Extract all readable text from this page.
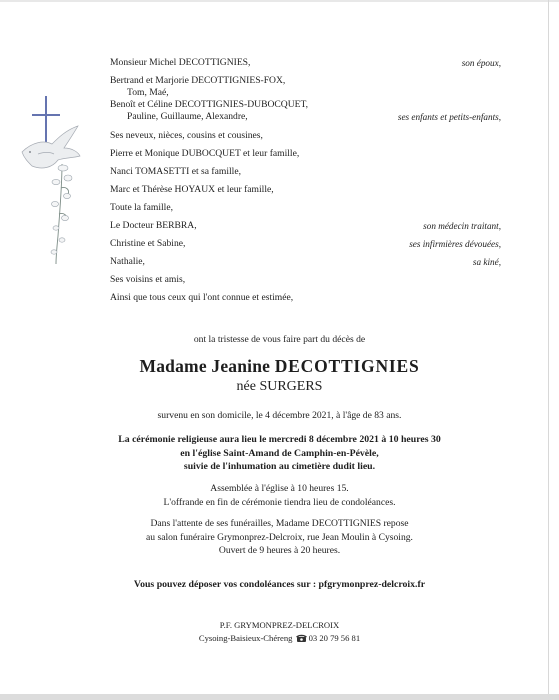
Monsieur Michel DECOTTIGNIES,
Bertrand et Marjorie DECOTTIGNIES-FOX,
Tom, Maé,
Benoît et Céline DECOTTIGNIES-DUBOCQUET,
Pauline, Guillaume, Alexandre,
Ses neveux, nièces, cousins et cousines,
Pierre et Monique DUBOCQUET et leur famille,
Nanci TOMASETTI et sa famille,
Marc et Thérèse HOYAUX et leur famille,
Toute la famille,
Le Docteur BERBRA,
Christine et Sabine,
Nathalie,
Ses voisins et amis,
Ainsi que tous ceux qui l'ont connue et estimée,
son époux,
ses enfants et petits-enfants,
son médecin traitant,
ses infirmières dévouées,
sa kiné,
ont la tristesse de vous faire part du décès de
Madame Jeanine DECOTTIGNIES
née SURGERS
survenu en son domicile, le 4 décembre 2021, à l'âge de 83 ans.
La cérémonie religieuse aura lieu le mercredi 8 décembre 2021 à 10 heures 30
en l'église Saint-Amand de Camphin-en-Pévèle,
suivie de l'inhumation au cimetière dudit lieu.
Assemblée à l'église à 10 heures 15.
L'offrande en fin de cérémonie tiendra lieu de condoléances.
Dans l'attente de ses funérailles, Madame DECOTTIGNIES repose
au salon funéraire Grymonprez-Delcroix, rue Jean Moulin à Cysoing.
Ouvert de 9 heures à 20 heures.
Vous pouvez déposer vos condoléances sur : pfgrymonprez-delcroix.fr
P.F. GRYMONPREZ-DELCROIX
Cysoing-Baisieux-Chéreng 03 20 79 56 81
